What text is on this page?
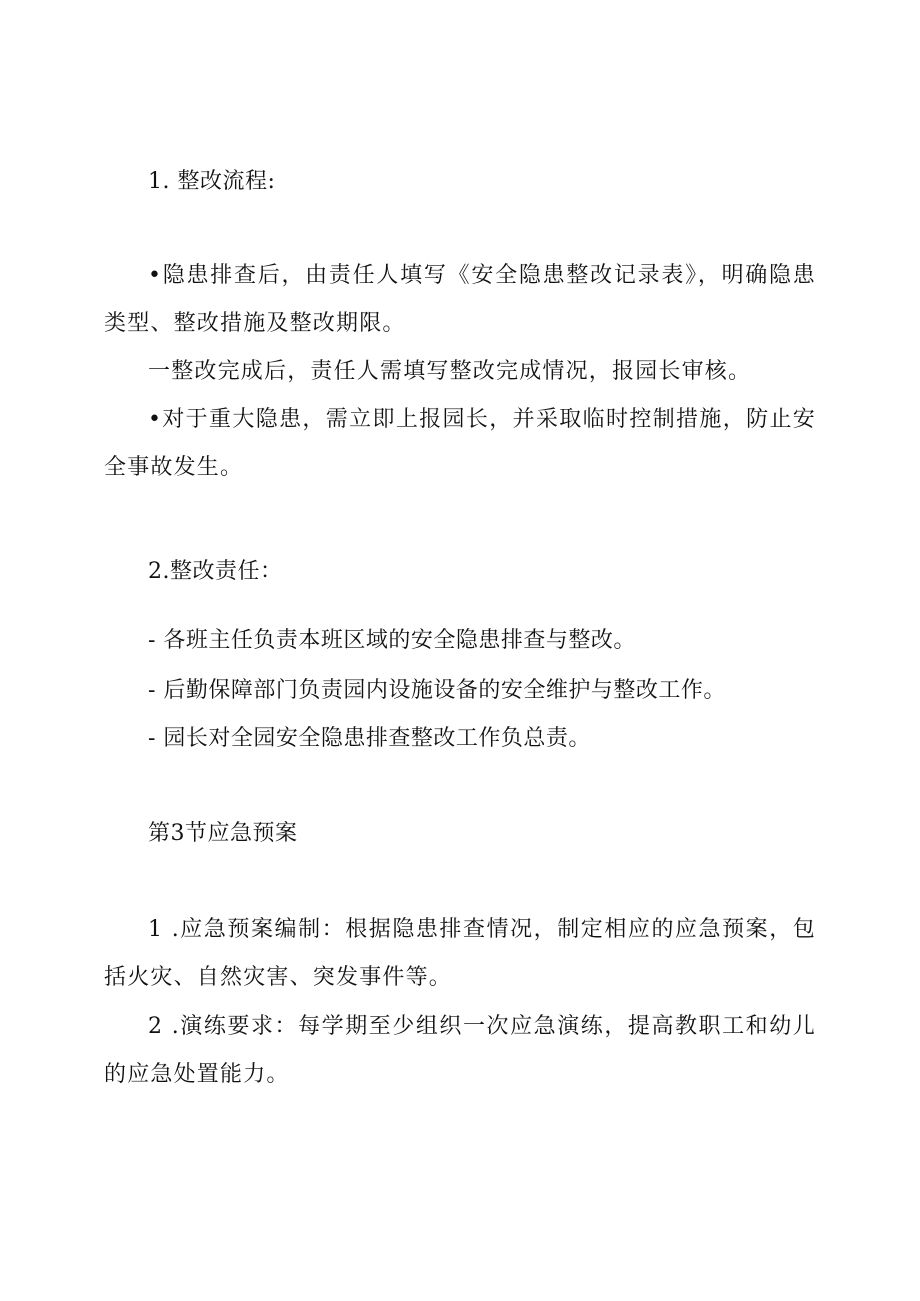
1. 整改流程:
•隐患排查后，由责任人填写《安全隐患整改记录表》，明确隐患类型、整改措施及整改期限。
一整改完成后，责任人需填写整改完成情况，报园长审核。
•对于重大隐患，需立即上报园长，并采取临时控制措施，防止安全事故发生。
2.整改责任：
- 各班主任负责本班区域的安全隐患排查与整改。
- 后勤保障部门负责园内设施设备的安全维护与整改工作。
- 园长对全园安全隐患排查整改工作负总责。
第3节应急预案
1 .应急预案编制：根据隐患排查情况，制定相应的应急预案，包括火灾、自然灾害、突发事件等。
2 .演练要求：每学期至少组织一次应急演练，提高教职工和幼儿的应急处置能力。
